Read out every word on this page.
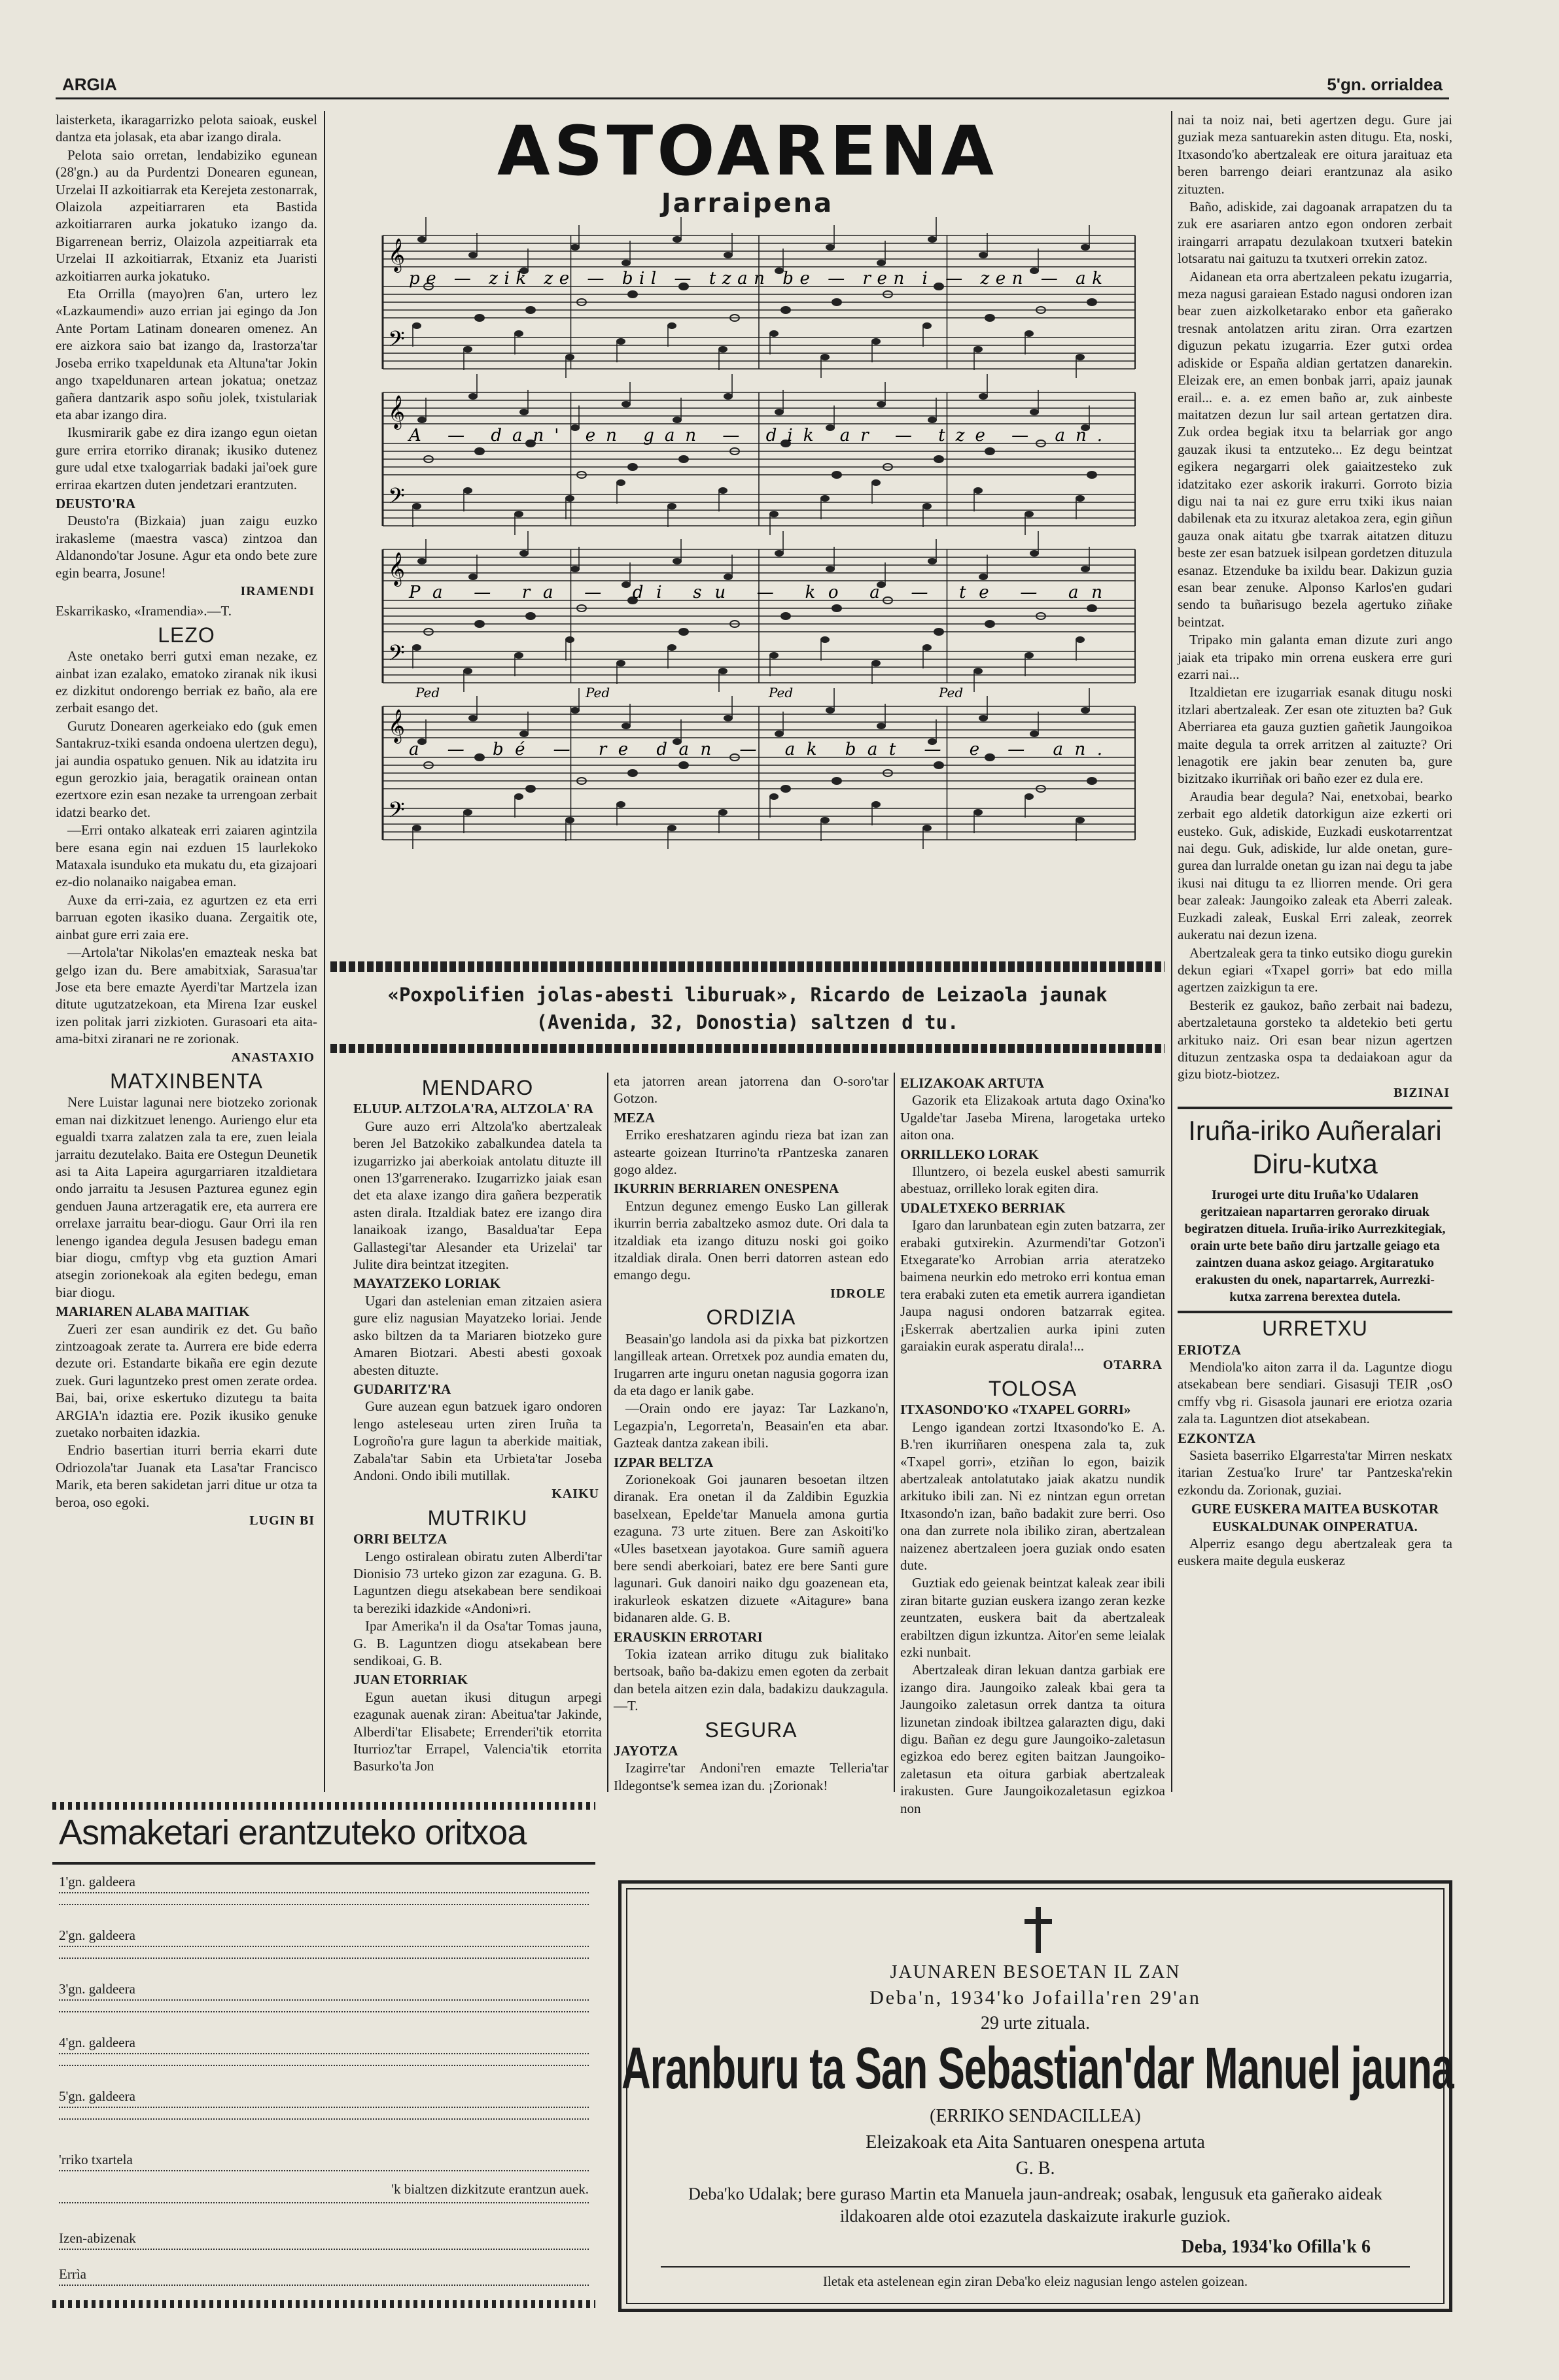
ARGIA	5'gn. orrialdea

laisterketa, ikaragarrizko pelota saioak, euskel dantza eta jolasak, eta abar izango dirala.

Pelota saio orretan, lendabiziko egunean (28'gn.) au da Purdentzi Donearen egunean, Urzelai II azkoitiarrak eta Kerejeta zestonarrak, Olaizola azpeitiarraren eta Bastida azkoitiarraren aurka jokatuko izango da. Bigarrenean berriz, Olaizola azpeitiarrak eta Urzelai II azkoitiarrak, Etxaniz eta Juaristi azkoitiarren aurka jokatuko.

Eta Orrilla (mayo)ren 6'an, urtero lez «Lazkaumendi» auzo errian jai egingo da Jon Ante Portam Latinam donearen omenez. An ere aizkora saio bat izango da, Irastorza'tar Joseba erriko txapeldunak eta Altuna'tar Jokin ango txapeldunaren artean jokatua; onetzaz gañera dantzarik aspo soñu jolek, txistulariak eta abar izango dira.

Ikusmirarik gabe ez dira izango egun oietan gure errira etorriko diranak; ikusiko dutenez gure udal etxe txalogarriak badaki jai'oek gure erriraa ekartzen duten jendetzari erantzuten.

DEUSTO'RA

Deusto'ra (Bizkaia) juan zaigu euzko irakasleme (maestra vasca) zintzoa dan Aldanondo'tar Josune. Agur eta ondo bete zure egin bearra, Josune!

IRAMENDI

Eskarrikasko, «Iramendia».—T.

LEZO

Aste onetako berri gutxi eman nezake, ez ainbat izan ezalako, ematoko ziranak nik ikusi ez dizkitut ondorengo berriak ez baño, ala ere zerbait esango det.

Gurutz Donearen agerkeiako edo (guk emen Santakruz-txiki esanda ondoena ulertzen degu), jai aundia ospatuko genuen. Nik au idatzita iru egun gerozkio jaia, beragatik orainean ontan ezertxore ezin esan nezake ta urrengoan zerbait idatzi bearko det.

—Erri ontako alkateak erri zaiaren agintzila bere esana egin nai ezduen 15 laurlekoko Mataxala isunduko eta mukatu du, eta gizajoari ez-dio nolanaiko naigabea eman.

Auxe da erri-zaia, ez agurtzen ez eta erri barruan egoten ikasiko duana. Zergaitik ote, ainbat gure erri zaia ere.

—Artola'tar Nikolas'en emazteak neska bat gelgo izan du. Bere amabitxiak, Sarasua'tar Jose eta bere emazte Ayerdi'tar Martzela izan ditute ugutzatzekoan, eta Mirena Izar euskel izen politak jarri zizkioten. Gurasoari eta aita-ama-bitxi ziranari ne re zorionak.

ANASTAXIO
MATXINBENTA

Nere Luistar lagunai nere biotzeko zorionak eman nai dizkitzuet lenengo. Auriengo elur eta egualdi txarra zalatzen zala ta ere, zuen leiala jarraitu dezutelako. Baita ere Ostegun Deunetik asi ta Aita Lapeira agurgarriaren itzaldietara ondo jarraitu ta Jesusen Pazturea egunez egin genduen Jauna artzeragatik ere, eta aurrera ere orrelaxe jarraitu bear-diogu. Gaur Orri ila ren lenengo igandea degula Jesusen badegu eman biar diogu, cmftyp vbg eta guztion Amari atsegin zorionekoak ala egiten bedegu, eman biar diogu.

MARIAREN ALABA MAITIAK

Zueri zer esan aundirik ez det. Gu baño zintzoagoak zerate ta. Aurrera ere bide ederra dezute ori. Estandarte bikaña ere egin dezute zuek. Guri laguntzeko prest omen zerate ordea. Bai, bai, orixe eskertuko dizutegu ta baita ARGIA'n idaztia ere. Pozik ikusiko genuke zuetako norbaiten idazkia.

Endrio basertian iturri berria ekarri dute Odriozola'tar Juanak eta Lasa'tar Francisco Marik, eta beren sakidetan jarri ditue ur otza ta beroa, oso egoki.

LUGIN BI
Asmaketari erantzuteko oritxoa
1'gn. galdeera
2'gn. galdeera
3'gn. galdeera
4'gn. galdeera
5'gn. galdeera
'rriko txartela
'k bialtzen dizkitzute erantzun auek.
Izen-abizenak
Errìa
ASTOARENA
Jarraipena
𝄞
𝄢
pe — zik ze — bil — tzan be — ren i — zen — ak
𝄞
𝄢
A — dan' en gan — dik ar — tze — an.
𝄞
𝄢
Pa — ra — di su — ko a — te — an
𝄞
𝄢
a — bé — re dan — ak bat — e — an.
Ped	Ped	Ped	Ped
«Poxpolifien jolas-abesti liburuak», Ricardo de Leizaola jaunak
(Avenida, 32, Donostia) saltzen d tu.
MENDARO
ELUUP. ALTZOLA'RA, ALTZOLA' RA

Gure auzo erri Altzola'ko abertzaleak beren Jel Batzokiko zabalkundea datela ta izugarrizko jai aberkoiak antolatu dituzte ill onen 13'garrenerako. Izugarrizko jaiak esan det eta alaxe izango dira gañera bezperatik asten dirala. Itzaldiak batez ere izango dira lanaikoak izango, Basaldua'tar Eepa Gallastegi'tar Alesander eta Urizelai' tar Julite dira beintzat itzegiten.

MAYATZEKO LORIAK

Ugari dan astelenian eman zitzaien asiera gure eliz nagusian Mayatzeko loriai. Jende asko biltzen da ta Mariaren biotzeko gure Amaren Biotzari. Abesti abesti goxoak abesten dituzte.

GUDARITZ'RA

Gure auzean egun batzuek igaro ondoren lengo asteleseau urten ziren Iruña ta Logroño'ra gure lagun ta aberkide maitiak, Zabala'tar Sabin eta Urbieta'tar Joseba Andoni. Ondo ibili mutillak.

KAIKU
MUTRIKU
ORRI BELTZA

Lengo ostiralean obiratu zuten Alberdi'tar Dionisio 73 urteko gizon zar ezaguna. G. B. Laguntzen diegu atsekabean bere sendikoai ta bereziki idazkide «Andoni»ri.

Ipar Amerika'n il da Osa'tar Tomas jauna, G. B. Laguntzen diogu atsekabean bere sendikoai, G. B.

JUAN ETORRIAK

Egun auetan ikusi ditugun arpegi ezagunak auenak ziran: Abeitua'tar Jakinde, Alberdi'tar Elisabete; Errenderi'tik etorrita Iturrioz'tar Errapel, Valencia'tik etorrita Basurko'ta Jon

eta jatorren arean jatorrena dan O-soro'tar Gotzon.

MEZA

Erriko ereshatzaren agindu rieza bat izan zan astearte goizean Iturrino'ta rPantzeska zanaren gogo aldez.

IKURRIN BERRIAREN ONESPENA

Entzun degunez emengo Eusko Lan gillerak ikurrin berria zabaltzeko asmoz dute. Ori dala ta itzaldiak eta izango dituzu noski goi goiko itzaldiak dirala. Onen berri datorren astean edo emango degu.

IDROLE
ORDIZIA

Beasain'go landola asi da pixka bat pizkortzen langilleak artean. Orretxek poz aundia ematen du, Irugarren arte inguru onetan nagusia gogorra izan da eta dago er lanik gabe.

—Orain ondo ere jayaz: Tar Lazkano'n, Legazpia'n, Legorreta'n, Beasain'en eta abar. Gazteak dantza zakean ibili.

IZPAR BELTZA

Zorionekoak Goi jaunaren besoetan iltzen diranak. Era onetan il da Zaldibin Eguzkia baselxean, Epelde'tar Manuela amona gurtia ezaguna. 73 urte zituen. Bere zan Askoiti'ko «Ules basetxean jayotakoa. Gure samiñ aguera bere sendi aberkoiari, batez ere bere Santi gure lagunari. Guk danoiri naiko dgu goazenean eta, irakurleok eskatzen dizuete «Aitagure» bana bidanaren alde. G. B.

ERAUSKIN ERROTARI

Tokia izatean arriko ditugu zuk bialitako bertsoak, baño ba-dakizu emen egoten da zerbait dan betela aitzen ezin dala, badakizu daukzagula.—T.

SEGURA
JAYOTZA

Izagirre'tar Andoni'ren emazte Telleria'tar Ildegontse'k semea izan du. ¡Zorionak!

ELIZAKOAK ARTUTA

Gazorik eta Elizakoak artuta dago Oxina'ko Ugalde'tar Jaseba Mirena, larogetaka urteko aiton ona.

ORRILLEKO LORAK

Illuntzero, oi bezela euskel abesti samurrik abestuaz, orrilleko lorak egiten dira.

UDALETXEKO BERRIAK

Igaro dan larunbatean egin zuten batzarra, zer erabaki gutxirekin. Azurmendi'tar Gotzon'i Etxegarate'ko Arrobian arria ateratzeko baimena neurkin edo metroko erri kontua eman tera erabaki zuten eta emetik aurrera igandietan Jaupa nagusi ondoren batzarrak egitea. ¡Eskerrak abertzalien aurka ipini zuten garaiakin eurak asperatu dirala!...

OTARRA
TOLOSA
ITXASONDO'KO «TXAPEL GORRI»

Lengo igandean zortzi Itxasondo'ko E. A. B.'ren ikurriñaren onespena zala ta, zuk «Txapel gorri», etziñan lo egon, baizik abertzaleak antolatutako jaiak akatzu nundik arkituko ibili zan. Ni ez nintzan egun orretan Itxasondo'n izan, baño badakit zure berri. Oso ona dan zurrete nola ibiliko ziran, abertzalean naizenez abertzaleen joera guziak ondo esaten dute.

Guztiak edo geienak beintzat kaleak zear ibili ziran bitarte guzian euskera izango zeran kezke zeuntzaten, euskera bait da abertzaleak erabiltzen digun izkuntza. Aitor'en seme leialak ezki nunbait.

Abertzaleak diran lekuan dantza garbiak ere izango dira. Jaungoiko zaleak kbai gera ta Jaungoiko zaletasun orrek dantza ta oitura lizunetan zindoak ibiltzea galarazten digu, daki digu. Bañan ez degu gure Jaungoiko-zaletasun egizkoa edo berez egiten baitzan Jaungoiko-zaletasun eta oitura garbiak abertzaleak irakusten. Gure Jaungoikozaletasun egizkoa non

nai ta noiz nai, beti agertzen degu. Gure jai guziak meza santuarekin asten ditugu. Eta, noski, Itxasondo'ko abertzaleak ere oitura jaraituaz eta beren barrengo deiari erantzunaz ala asiko zituzten.

Baño, adiskide, zai dagoanak arrapatzen du ta zuk ere asariaren antzo egon ondoren zerbait iraingarri arrapatu dezulakoan txutxeri batekin lotsaratu nai gaituzu ta txutxeri orrekin zatoz.

Aidanean eta orra abertzaleen pekatu izugarria, meza nagusi garaiean Estado nagusi ondoren izan bear zuen aizkolketarako enbor eta gañerako tresnak antolatzen aritu ziran. Orra ezartzen diguzun pekatu izugarria. Ezer gutxi ordea adiskide or España aldian gertatzen danarekin. Eleizak ere, an emen bonbak jarri, apaiz jaunak erail... e. a. ez emen baño ar, zuk ainbeste maitatzen dezun lur sail artean gertatzen dira. Zuk ordea begiak itxu ta belarriak gor ango gauzak ikusi ta entzuteko... Ez degu beintzat egikera negargarri olek gaiaitzesteko zuk idatzitako ezer askorik irakurri. Gorroto bizia digu nai ta nai ez gure erru txiki ikus naian dabilenak eta zu itxuraz aletakoa zera, egin giñun gauza onak aitatu gbe txarrak aitatzen dituzu beste zer esan batzuek isilpean gordetzen dituzula esanaz. Etzenduke ba ixildu bear. Dakizun guzia esan bear zenuke. Alponso Karlos'en gudari sendo ta buñarisugo bezela agertuko ziñake beintzat.

Tripako min galanta eman dizute zuri ango jaiak eta tripako min orrena euskera erre guri ezarri nai...

Itzaldietan ere izugarriak esanak ditugu noski itzlari abertzaleak. Zer esan ote zituzten ba? Guk Aberriarea eta gauza guztien gañetik Jaungoikoa maite degula ta orrek arritzen al zaituzte? Ori lenagotik ere jakin bear zenuten ba, gure bizitzako ikurriñak ori baño ezer ez dula ere.

Araudia bear degula? Nai, enetxobai, bearko zerbait ego aldetik datorkigun aize ezkerti ori eusteko. Guk, adiskide, Euzkadi euskotarrentzat nai degu. Guk, adiskide, lur alde onetan, gure-gurea dan lurralde onetan gu izan nai degu ta jabe ikusi nai ditugu ta ez lliorren mende. Ori gera bear zaleak: Jaungoiko zaleak eta Aberri zaleak. Euzkadi zaleak, Euskal Erri zaleak, zeorrek aukeratu nai dezun izena.

Abertzaleak gera ta tinko eutsiko diogu gurekin dekun egiari «Txapel gorri» bat edo milla agertzen zaizkigun ta ere.

Besterik ez gaukoz, baño zerbait nai badezu, abertzaletauna gorsteko ta aldetekio beti gertu arkituko naiz. Ori esan bear nizun agertzen dituzun zentzaska ospa ta dedaiakoan agur da gizu biotz-biotzez.

BIZINAI
Iruña-iriko Auñeralari
Diru-kutxa
Irurogei urte ditu Iruña'ko Udalaren geritzaiean napartarren gerorako diruak begiratzen dituela. Iruña-iriko Aurrezkitegiak, orain urte bete baño diru jartzalle geiago eta zaintzen duana askoz geiago. Argitaratuko erakusten du onek, napartarrek, Aurrezki-kutxa zarrena berextea dutela.
URRETXU
ERIOTZA

Mendiola'ko aiton zarra il da. Laguntze diogu atsekabean bere sendiari. Gisasuji TEIR ,osO cmffy vbg ri. Gisasola jaunari ere eriotza ozaria zala ta. Laguntzen diot atsekabean.

EZKONTZA

Sasieta baserriko Elgarresta'tar Mirren neskatx itarian Zestua'ko Irure' tar Pantzeska'rekin ezkondu da. Zorionak, guziai.

GURE EUSKERA MAITEA BUSKOTAR EUSKALDUNAK OINPERATUA.

Alperriz esango degu abertzaleak gera ta euskera maite degula euskeraz

JAUNAREN BESOETAN IL ZAN
Deba'n, 1934'ko Jofailla'ren 29'an
29 urte zituala.
Aranburu ta San Sebastian'dar Manuel jauna
(ERRIKO SENDACILLEA)
Eleizakoak eta Aita Santuaren onespena artuta
G. B.
Deba'ko Udalak; bere guraso Martin eta Manuela jaun-andreak; osabak, lengusuk eta gañerako aideak ildakoaren alde otoi ezazutela daskaizute irakurle guziok.
Deba, 1934'ko Ofilla'k 6
Iletak eta astelenean egin ziran Deba'ko eleiz nagusian lengo astelen goizean.
